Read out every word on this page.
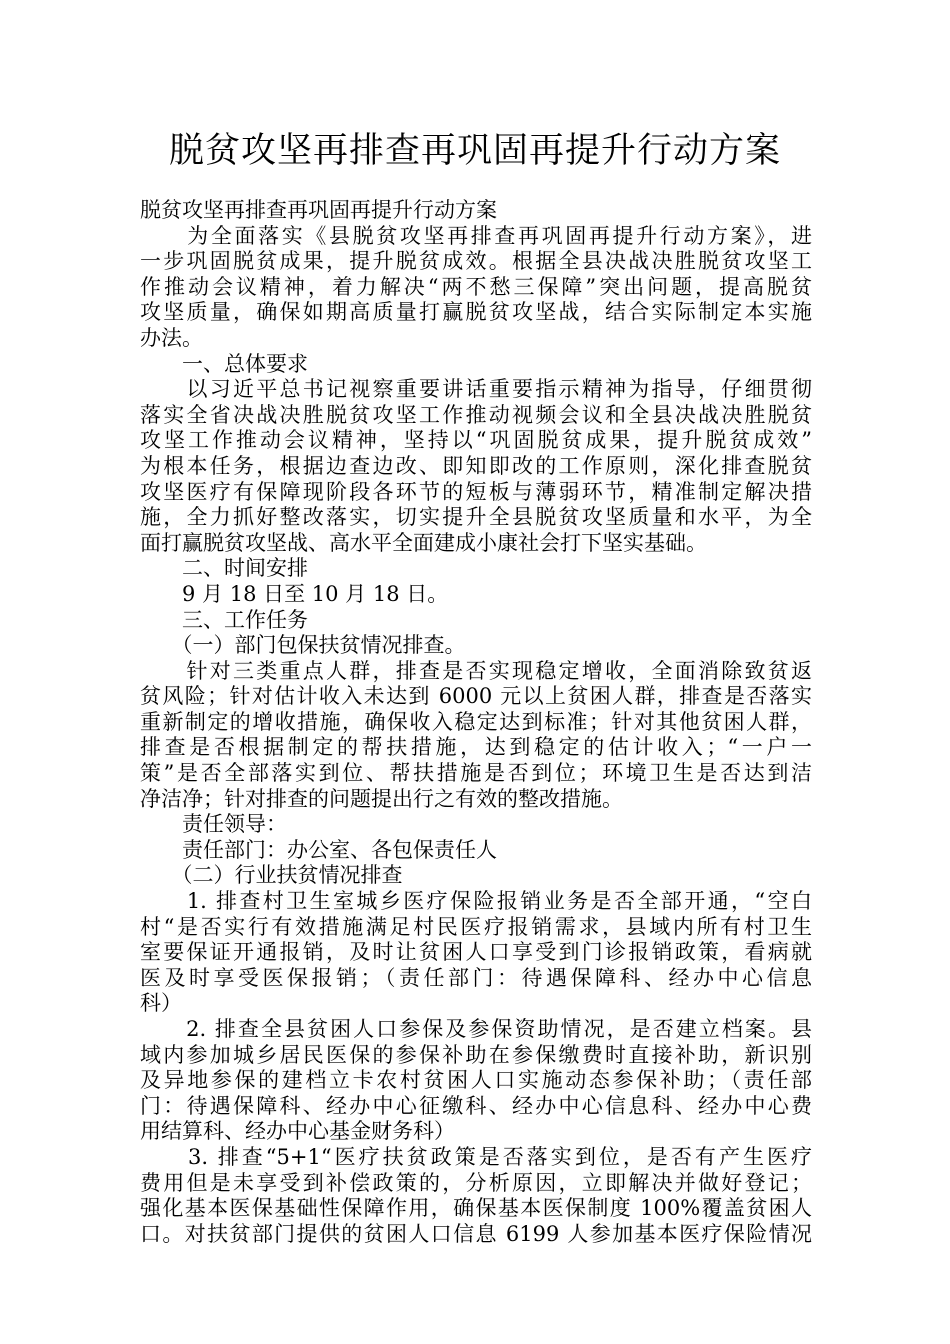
脱贫攻坚再排查再巩固再提升行动方案
脱贫攻坚再排查再巩固再提升行动方案
　　为全面落实《县脱贫攻坚再排查再巩固再提升行动方案》，进
一步巩固脱贫成果，提升脱贫成效。根据全县决战决胜脱贫攻坚工
作推动会议精神，着力解决“两不愁三保障”突出问题，提高脱贫
攻坚质量，确保如期高质量打赢脱贫攻坚战，结合实际制定本实施
办法。
　　一、总体要求
　　以习近平总书记视察重要讲话重要指示精神为指导，仔细贯彻
落实全省决战决胜脱贫攻坚工作推动视频会议和全县决战决胜脱贫
攻坚工作推动会议精神，坚持以“巩固脱贫成果，提升脱贫成效”
为根本任务，根据边查边改、即知即改的工作原则，深化排查脱贫
攻坚医疗有保障现阶段各环节的短板与薄弱环节，精准制定解决措
施，全力抓好整改落实，切实提升全县脱贫攻坚质量和水平，为全
面打赢脱贫攻坚战、高水平全面建成小康社会打下坚实基础。
　　二、时间安排
　　9 月 18 日至 10 月 18 日。
　　三、工作任务
　　（一）部门包保扶贫情况排查。
　　针对三类重点人群，排查是否实现稳定增收，全面消除致贫返
贫风险；针对估计收入未达到 6000 元以上贫困人群，排查是否落实
重新制定的增收措施，确保收入稳定达到标准；针对其他贫困人群，
排查是否根据制定的帮扶措施，达到稳定的估计收入；“一户一
策”是否全部落实到位、帮扶措施是否到位；环境卫生是否达到洁
净洁净；针对排查的问题提出行之有效的整改措施。
　　责任领导：
　　责任部门：办公室、各包保责任人
　　（二）行业扶贫情况排查
　　1. 排查村卫生室城乡医疗保险报销业务是否全部开通，“空白
村“是否实行有效措施满足村民医疗报销需求，县域内所有村卫生
室要保证开通报销，及时让贫困人口享受到门诊报销政策，看病就
医及时享受医保报销；（责任部门：待遇保障科、经办中心信息
科）
　　2. 排查全县贫困人口参保及参保资助情况，是否建立档案。县
域内参加城乡居民医保的参保补助在参保缴费时直接补助，新识别
及异地参保的建档立卡农村贫困人口实施动态参保补助；（责任部
门：待遇保障科、经办中心征缴科、经办中心信息科、经办中心费
用结算科、经办中心基金财务科）
　　3. 排查“5+1“医疗扶贫政策是否落实到位，是否有产生医疗
费用但是未享受到补偿政策的，分析原因，立即解决并做好登记；
强化基本医保基础性保障作用，确保基本医保制度 100%覆盖贫困人
口。对扶贫部门提供的贫困人口信息 6199 人参加基本医疗保险情况
